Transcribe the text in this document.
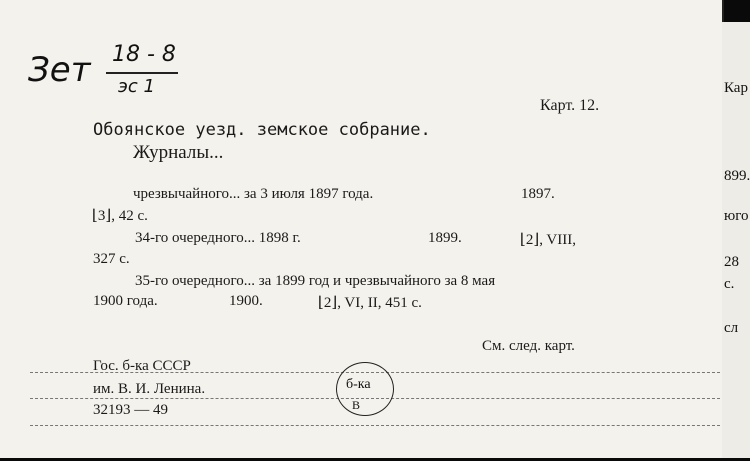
Зет 18 - 8
эс 1
Карт. 12.
Обоянское уезд. земское собрание.
Журналы...
чрезвычайного... за 3 июля 1897 года.	1897.
⌊3⌋, 42 с.
34-го очередного... 1898 г.	1899.	⌊2⌋, VIII,
327 с.
35-го очередного... за 1899 год и чрезвычайного за 8 мая
1900 года.	1900.	⌊2⌋, VI, II, 451 с.
См. след. карт.
Гос. б-ка СССР
им. В. И. Ленина.
32193 — 49
б-ка
В
Кар
899.
юго
28
с.
сл
